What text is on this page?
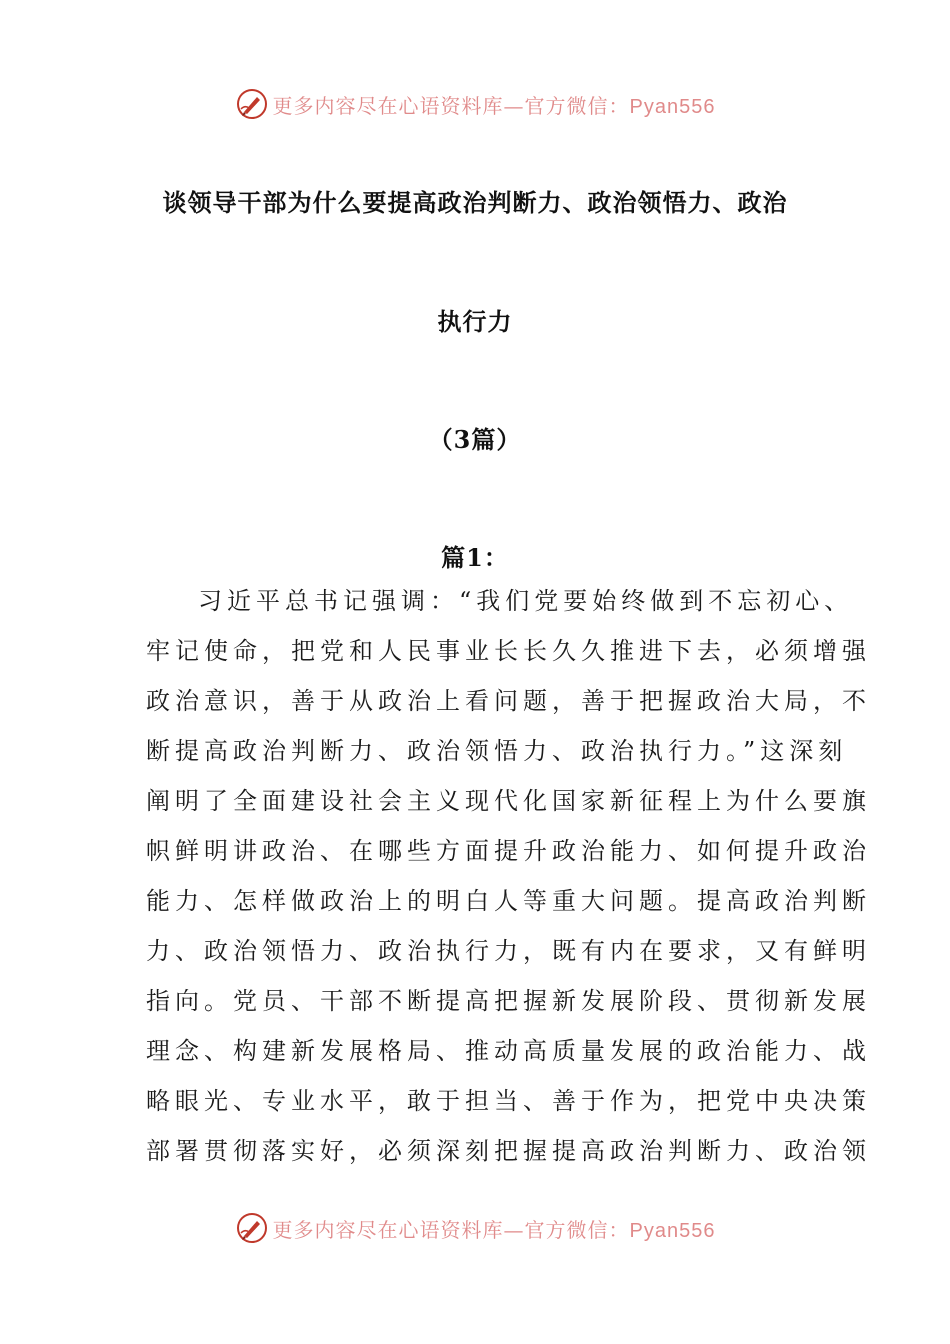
更多内容尽在心语资料库—官方微信：Pyan556
谈领导干部为什么要提高政治判断力、政治领悟力、政治
执行力
（3篇）
篇1：
习近平总书记强调：“我们党要始终做到不忘初心、
牢记使命，把党和人民事业长长久久推进下去，必须增强
政治意识，善于从政治上看问题，善于把握政治大局，不
断提高政治判断力、政治领悟力、政治执行力。”这深刻
阐明了全面建设社会主义现代化国家新征程上为什么要旗
帜鲜明讲政治、在哪些方面提升政治能力、如何提升政治
能力、怎样做政治上的明白人等重大问题。提高政治判断
力、政治领悟力、政治执行力，既有内在要求，又有鲜明
指向。党员、干部不断提高把握新发展阶段、贯彻新发展
理念、构建新发展格局、推动高质量发展的政治能力、战
略眼光、专业水平，敢于担当、善于作为，把党中央决策
部署贯彻落实好，必须深刻把握提高政治判断力、政治领
更多内容尽在心语资料库—官方微信：Pyan556
